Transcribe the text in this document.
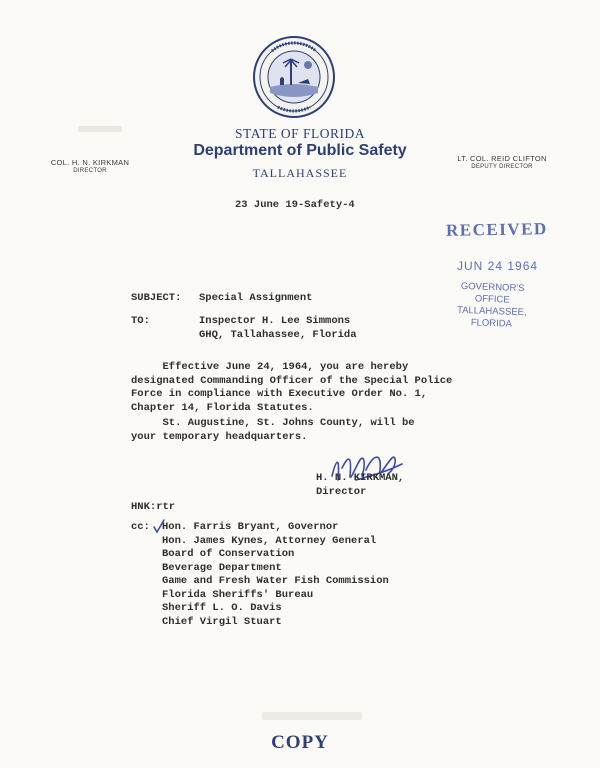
COL. H. N. KIRKMAN
DIRECTOR
STATE OF FLORIDA
Department of Public Safety
TALLAHASSEE
LT. COL. REID CLIFTON
DEPUTY DIRECTOR
23 June 19-Safety-4
RECEIVED
JUN 24 1964
GOVERNOR'S OFFICE
TALLAHASSEE, FLORIDA
SUBJECT: Special Assignment
TO:	Inspector H. Lee Simmons
GHQ, Tallahassee, Florida
Effective June 24, 1964, you are hereby
designated Commanding Officer of the Special Police
Force in compliance with Executive Order No. 1,
Chapter 14, Florida Statutes.
St. Augustine, St. Johns County, will be
your temporary headquarters.
H. N. KIRKMAN,
Director
HNK:rtr
cc: Hon. Farris Bryant, Governor
Hon. James Kynes, Attorney General
Board of Conservation
Beverage Department
Game and Fresh Water Fish Commission
Florida Sheriffs' Bureau
Sheriff L. O. Davis
Chief Virgil Stuart
COPY
